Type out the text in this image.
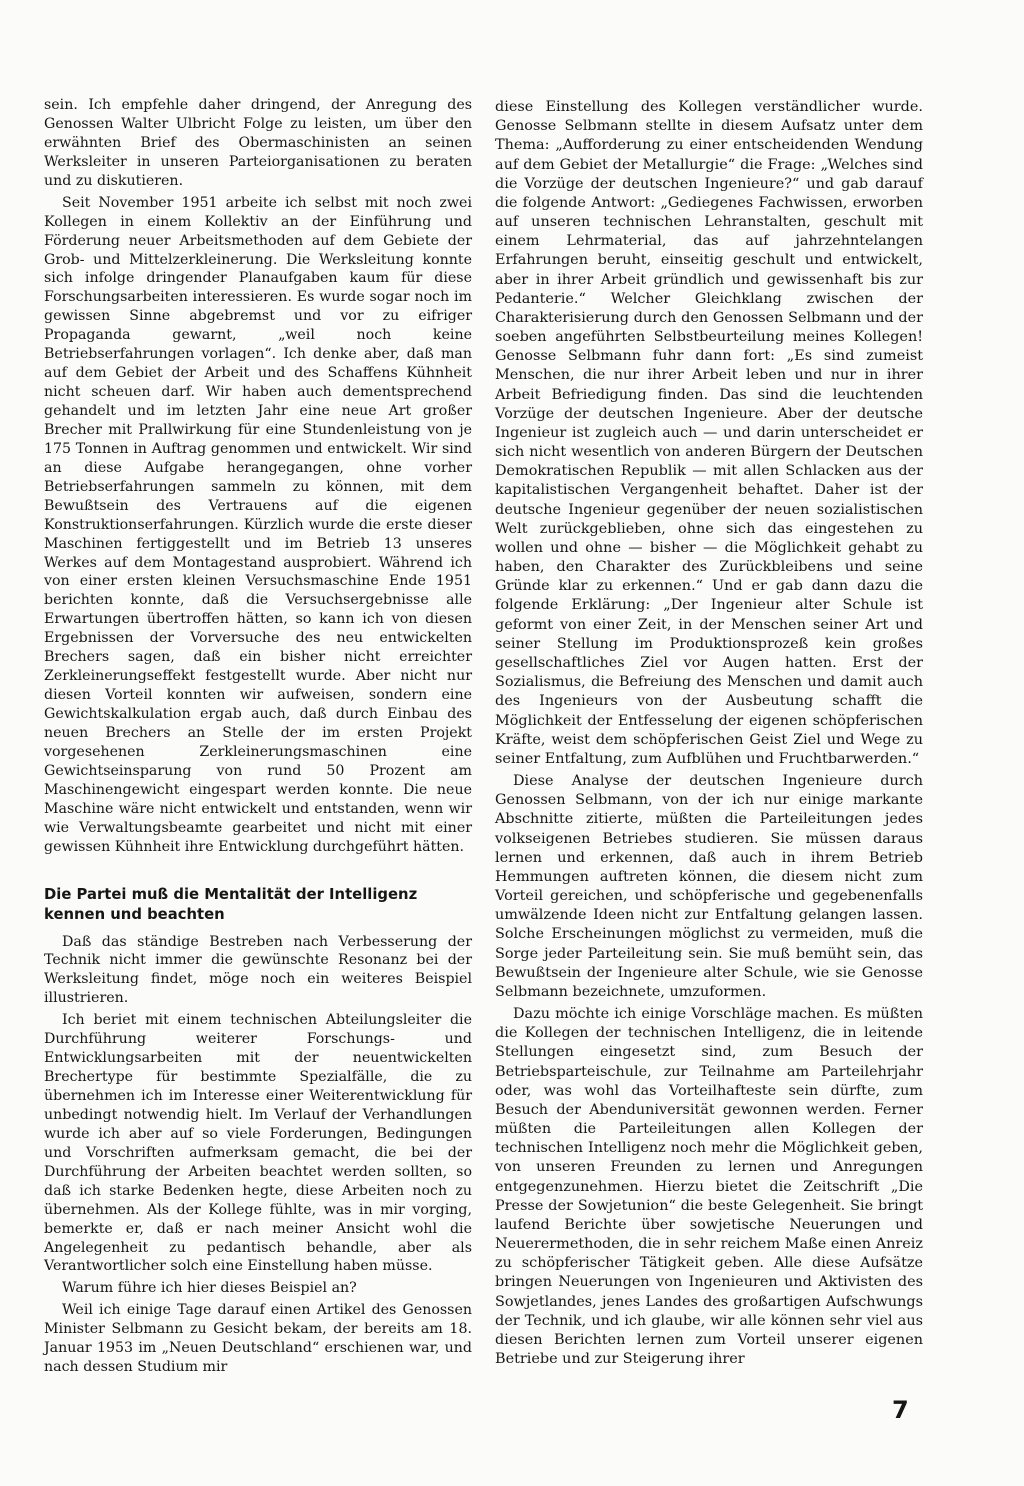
sein. Ich empfehle daher dringend, der Anregung des Genossen Walter Ulbricht Folge zu leisten, um über den erwähnten Brief des Obermaschinisten an seinen Werksleiter in unseren Parteiorganisationen zu beraten und zu diskutieren.

Seit November 1951 arbeite ich selbst mit noch zwei Kollegen in einem Kollektiv an der Einführung und Förderung neuer Arbeitsmethoden auf dem Gebiete der Grob- und Mittelzerkleinerung. Die Werksleitung konnte sich infolge dringender Planaufgaben kaum für diese Forschungsarbeiten interessieren. Es wurde sogar noch im gewissen Sinne abgebremst und vor zu eifriger Propaganda gewarnt, „weil noch keine Betriebserfahrungen vorlagen“. Ich denke aber, daß man auf dem Gebiet der Arbeit und des Schaffens Kühnheit nicht scheuen darf. Wir haben auch dementsprechend gehandelt und im letzten Jahr eine neue Art großer Brecher mit Prallwirkung für eine Stundenleistung von je 175 Tonnen in Auftrag genommen und entwickelt. Wir sind an diese Aufgabe herangegangen, ohne vorher Betriebserfahrungen sammeln zu können, mit dem Bewußtsein des Vertrauens auf die eigenen Konstruktionserfahrungen. Kürzlich wurde die erste dieser Maschinen fertiggestellt und im Betrieb 13 unseres Werkes auf dem Montagestand ausprobiert. Während ich von einer ersten kleinen Versuchsmaschine Ende 1951 berichten konnte, daß die Versuchsergebnisse alle Erwartungen übertroffen hätten, so kann ich von diesen Ergebnissen der Vorversuche des neu entwickelten Brechers sagen, daß ein bisher nicht erreichter Zerkleinerungseffekt festgestellt wurde. Aber nicht nur diesen Vorteil konnten wir aufweisen, sondern eine Gewichtskalkulation ergab auch, daß durch Einbau des neuen Brechers an Stelle der im ersten Projekt vorgesehenen Zerkleinerungsmaschinen eine Gewichtseinsparung von rund 50 Prozent am Maschinengewicht eingespart werden konnte. Die neue Maschine wäre nicht entwickelt und entstanden, wenn wir wie Verwaltungsbeamte gearbeitet und nicht mit einer gewissen Kühnheit ihre Entwicklung durchgeführt hätten.

Die Partei muß die Mentalität der Intelligenz kennen und beachten

Daß das ständige Bestreben nach Verbesserung der Technik nicht immer die gewünschte Resonanz bei der Werksleitung findet, möge noch ein weiteres Beispiel illustrieren.

Ich beriet mit einem technischen Abteilungsleiter die Durchführung weiterer Forschungs- und Entwicklungsarbeiten mit der neuentwickelten Brechertype für bestimmte Spezialfälle, die zu übernehmen ich im Interesse einer Weiterentwicklung für unbedingt notwendig hielt. Im Verlauf der Verhandlungen wurde ich aber auf so viele Forderungen, Bedingungen und Vorschriften aufmerksam gemacht, die bei der Durchführung der Arbeiten beachtet werden sollten, so daß ich starke Bedenken hegte, diese Arbeiten noch zu übernehmen. Als der Kollege fühlte, was in mir vorging, bemerkte er, daß er nach meiner Ansicht wohl die Angelegenheit zu pedantisch behandle, aber als Verantwortlicher solch eine Einstellung haben müsse.

Warum führe ich hier dieses Beispiel an?

Weil ich einige Tage darauf einen Artikel des Genossen Minister Selbmann zu Gesicht bekam, der bereits am 18. Januar 1953 im „Neuen Deutschland“ erschienen war, und nach dessen Studium mir

diese Einstellung des Kollegen verständlicher wurde. Genosse Selbmann stellte in diesem Aufsatz unter dem Thema: „Aufforderung zu einer entscheidenden Wendung auf dem Gebiet der Metallurgie“ die Frage: „Welches sind die Vorzüge der deutschen Ingenieure?“ und gab darauf die folgende Antwort: „Gediegenes Fachwissen, erworben auf unseren technischen Lehranstalten, geschult mit einem Lehrmaterial, das auf jahrzehntelangen Erfahrungen beruht, einseitig geschult und entwickelt, aber in ihrer Arbeit gründlich und gewissenhaft bis zur Pedanterie.“ Welcher Gleichklang zwischen der Charakterisierung durch den Genossen Selbmann und der soeben angeführten Selbstbeurteilung meines Kollegen! Genosse Selbmann fuhr dann fort: „Es sind zumeist Menschen, die nur ihrer Arbeit leben und nur in ihrer Arbeit Befriedigung finden. Das sind die leuchtenden Vorzüge der deutschen Ingenieure. Aber der deutsche Ingenieur ist zugleich auch — und darin unterscheidet er sich nicht wesentlich von anderen Bürgern der Deutschen Demokratischen Republik — mit allen Schlacken aus der kapitalistischen Vergangenheit behaftet. Daher ist der deutsche Ingenieur gegenüber der neuen sozialistischen Welt zurückgeblieben, ohne sich das eingestehen zu wollen und ohne — bisher — die Möglichkeit gehabt zu haben, den Charakter des Zurückbleibens und seine Gründe klar zu erkennen.“ Und er gab dann dazu die folgende Erklärung: „Der Ingenieur alter Schule ist geformt von einer Zeit, in der Menschen seiner Art und seiner Stellung im Produktionsprozeß kein großes gesellschaftliches Ziel vor Augen hatten. Erst der Sozialismus, die Befreiung des Menschen und damit auch des Ingenieurs von der Ausbeutung schafft die Möglichkeit der Entfesselung der eigenen schöpferischen Kräfte, weist dem schöpferischen Geist Ziel und Wege zu seiner Entfaltung, zum Aufblühen und Fruchtbarwerden.“

Diese Analyse der deutschen Ingenieure durch Genossen Selbmann, von der ich nur einige markante Abschnitte zitierte, müßten die Parteileitungen jedes volkseigenen Betriebes studieren. Sie müssen daraus lernen und erkennen, daß auch in ihrem Betrieb Hemmungen auftreten können, die diesem nicht zum Vorteil gereichen, und schöpferische und gegebenenfalls umwälzende Ideen nicht zur Entfaltung gelangen lassen. Solche Erscheinungen möglichst zu vermeiden, muß die Sorge jeder Parteileitung sein. Sie muß bemüht sein, das Bewußtsein der Ingenieure alter Schule, wie sie Genosse Selbmann bezeichnete, umzuformen.

Dazu möchte ich einige Vorschläge machen. Es müßten die Kollegen der technischen Intelligenz, die in leitende Stellungen eingesetzt sind, zum Besuch der Betriebsparteischule, zur Teilnahme am Parteilehrjahr oder, was wohl das Vorteilhafteste sein dürfte, zum Besuch der Abenduniversität gewonnen werden. Ferner müßten die Parteileitungen allen Kollegen der technischen Intelligenz noch mehr die Möglichkeit geben, von unseren Freunden zu lernen und Anregungen entgegenzunehmen. Hierzu bietet die Zeitschrift „Die Presse der Sowjetunion“ die beste Gelegenheit. Sie bringt laufend Berichte über sowjetische Neuerungen und Neuerermethoden, die in sehr reichem Maße einen Anreiz zu schöpferischer Tätigkeit geben. Alle diese Aufsätze bringen Neuerungen von Ingenieuren und Aktivisten des Sowjetlandes, jenes Landes des großartigen Aufschwungs der Technik, und ich glaube, wir alle können sehr viel aus diesen Berichten lernen zum Vorteil unserer eigenen Betriebe und zur Steigerung ihrer

7
